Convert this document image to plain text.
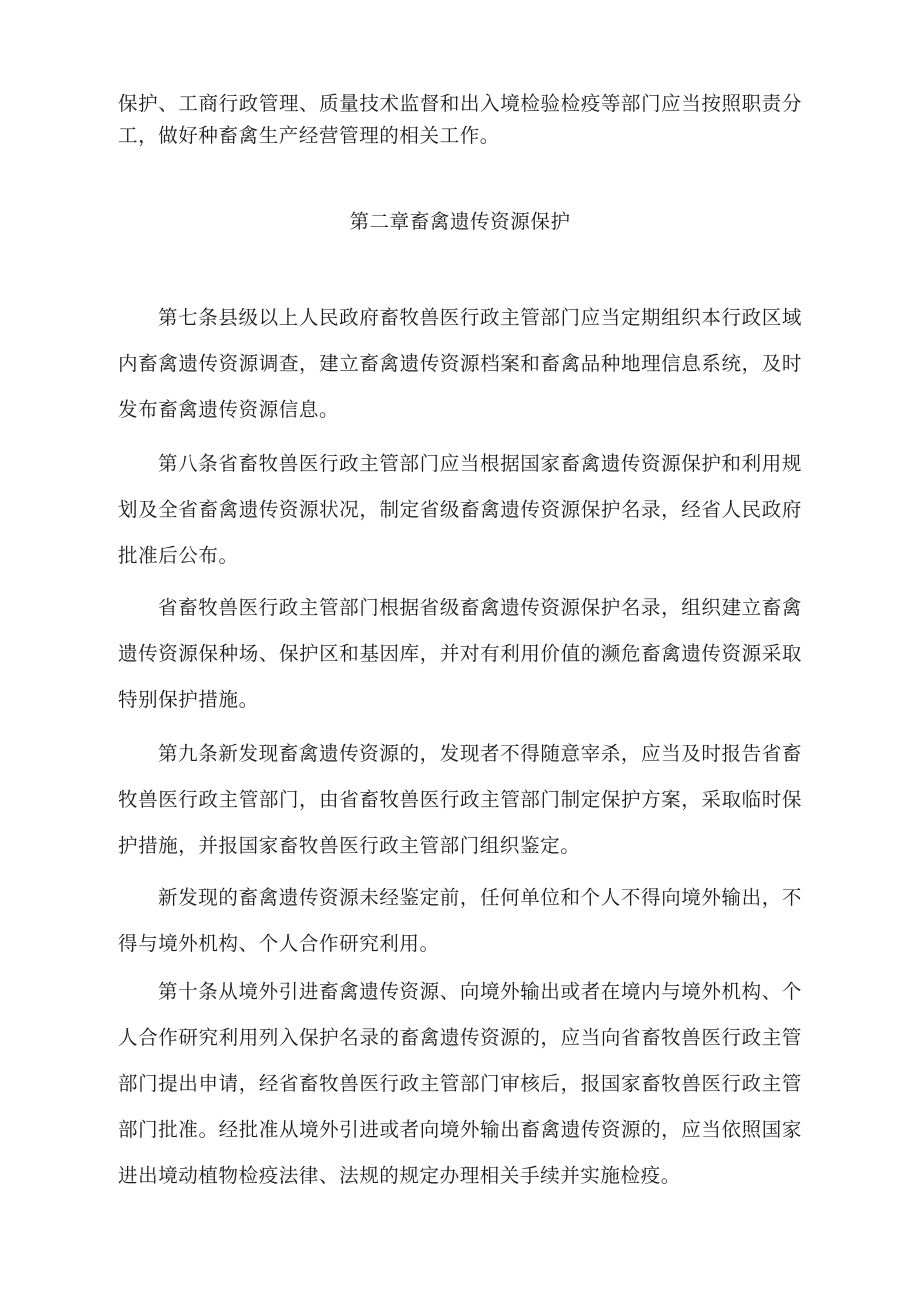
保护、工商行政管理、质量技术监督和出入境检验检疫等部门应当按照职责分工，做好种畜禽生产经营管理的相关工作。

第二章畜禽遗传资源保护

第七条县级以上人民政府畜牧兽医行政主管部门应当定期组织本行政区域内畜禽遗传资源调查，建立畜禽遗传资源档案和畜禽品种地理信息系统，及时发布畜禽遗传资源信息。

第八条省畜牧兽医行政主管部门应当根据国家畜禽遗传资源保护和利用规划及全省畜禽遗传资源状况，制定省级畜禽遗传资源保护名录，经省人民政府批准后公布。

省畜牧兽医行政主管部门根据省级畜禽遗传资源保护名录，组织建立畜禽遗传资源保种场、保护区和基因库，并对有利用价值的濒危畜禽遗传资源采取特别保护措施。

第九条新发现畜禽遗传资源的，发现者不得随意宰杀，应当及时报告省畜牧兽医行政主管部门，由省畜牧兽医行政主管部门制定保护方案，采取临时保护措施，并报国家畜牧兽医行政主管部门组织鉴定。

新发现的畜禽遗传资源未经鉴定前，任何单位和个人不得向境外输出，不得与境外机构、个人合作研究利用。

第十条从境外引进畜禽遗传资源、向境外输出或者在境内与境外机构、个人合作研究利用列入保护名录的畜禽遗传资源的，应当向省畜牧兽医行政主管部门提出申请，经省畜牧兽医行政主管部门审核后，报国家畜牧兽医行政主管部门批准。经批准从境外引进或者向境外输出畜禽遗传资源的，应当依照国家进出境动植物检疫法律、法规的规定办理相关手续并实施检疫。
